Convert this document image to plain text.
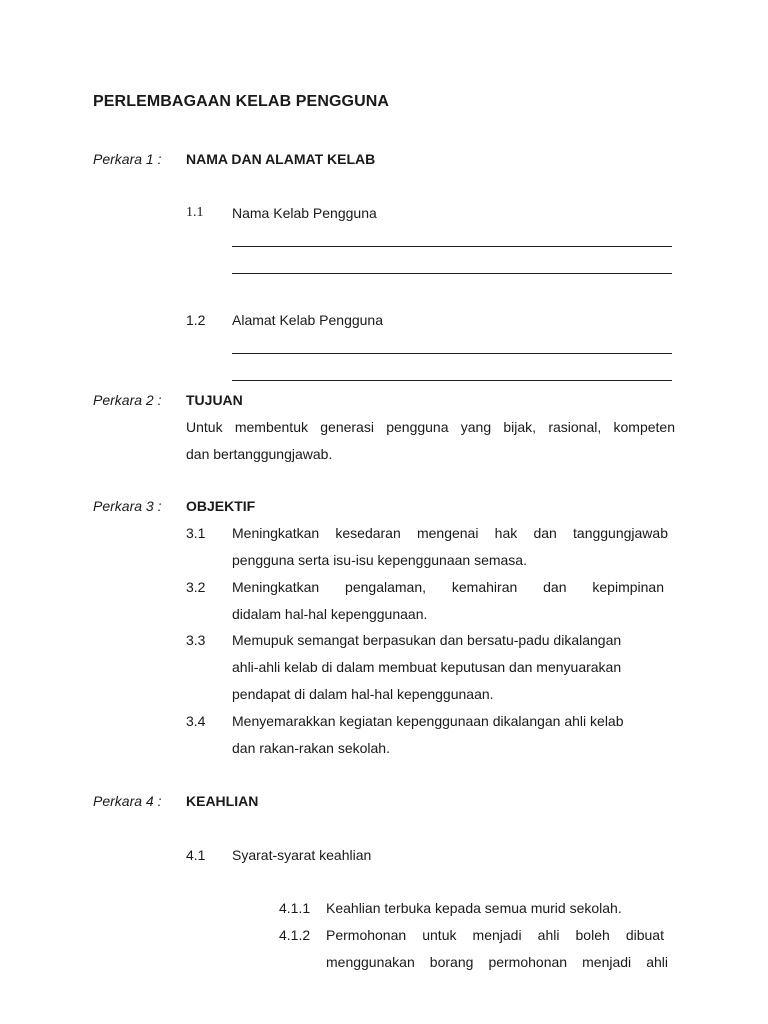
PERLEMBAGAAN KELAB PENGGUNA
Perkara 1 : NAMA DAN ALAMAT KELAB
1.1 Nama Kelab Pengguna
1.2 Alamat Kelab Pengguna
Perkara 2 : TUJUAN
Untuk membentuk generasi pengguna yang bijak, rasional, kompeten
dan bertanggungjawab.
Perkara 3 : OBJEKTIF
3.1 Meningkatkan kesedaran mengenai hak dan tanggungjawab
pengguna serta isu-isu kepenggunaan semasa.
3.2 Meningkatkan pengalaman, kemahiran dan kepimpinan
didalam hal-hal kepenggunaan.
3.3 Memupuk semangat berpasukan dan bersatu-padu dikalangan
ahli-ahli kelab di dalam membuat keputusan dan menyuarakan
pendapat di dalam hal-hal kepenggunaan.
3.4 Menyemarakkan kegiatan kepenggunaan dikalangan ahli kelab
dan rakan-rakan sekolah.
Perkara 4 : KEAHLIAN
4.1 Syarat-syarat keahlian
4.1.1 Keahlian terbuka kepada semua murid sekolah.
4.1.2 Permohonan untuk menjadi ahli boleh dibuat
menggunakan borang permohonan menjadi ahli
